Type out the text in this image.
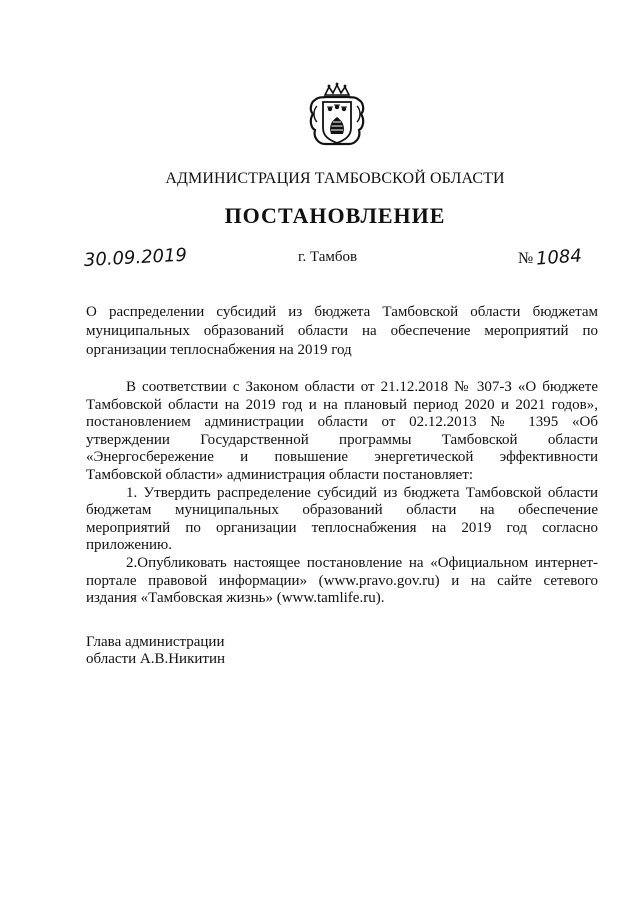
АДМИНИСТРАЦИЯ ТАМБОВСКОЙ ОБЛАСТИ
ПОСТАНОВЛЕНИЕ
30.09.2019	г. Тамбов	№ 1084
О распределении субсидий из бюджета Тамбовской области бюджетам
муниципальных образований области на обеспечение мероприятий по
организации теплоснабжения на 2019 год
В соответствии с Законом области от 21.12.2018 № 307-З «О бюджете
Тамбовской области на 2019 год и на плановый период 2020 и 2021 годов»,
постановлением администрации области от 02.12.2013 № 1395 «Об
утверждении Государственной программы Тамбовской области
«Энергосбережение и повышение энергетической эффективности
Тамбовской области» администрация области постановляет:
1. Утвердить распределение субсидий из бюджета Тамбовской области
бюджетам муниципальных образований области на обеспечение
мероприятий по организации теплоснабжения на 2019 год согласно
приложению.
2.Опубликовать настоящее постановление на «Официальном интернет-
портале правовой информации» (www.pravo.gov.ru) и на сайте сетевого
издания «Тамбовская жизнь» (www.tamlife.ru).
Глава администрации
области А.В.Никитин
